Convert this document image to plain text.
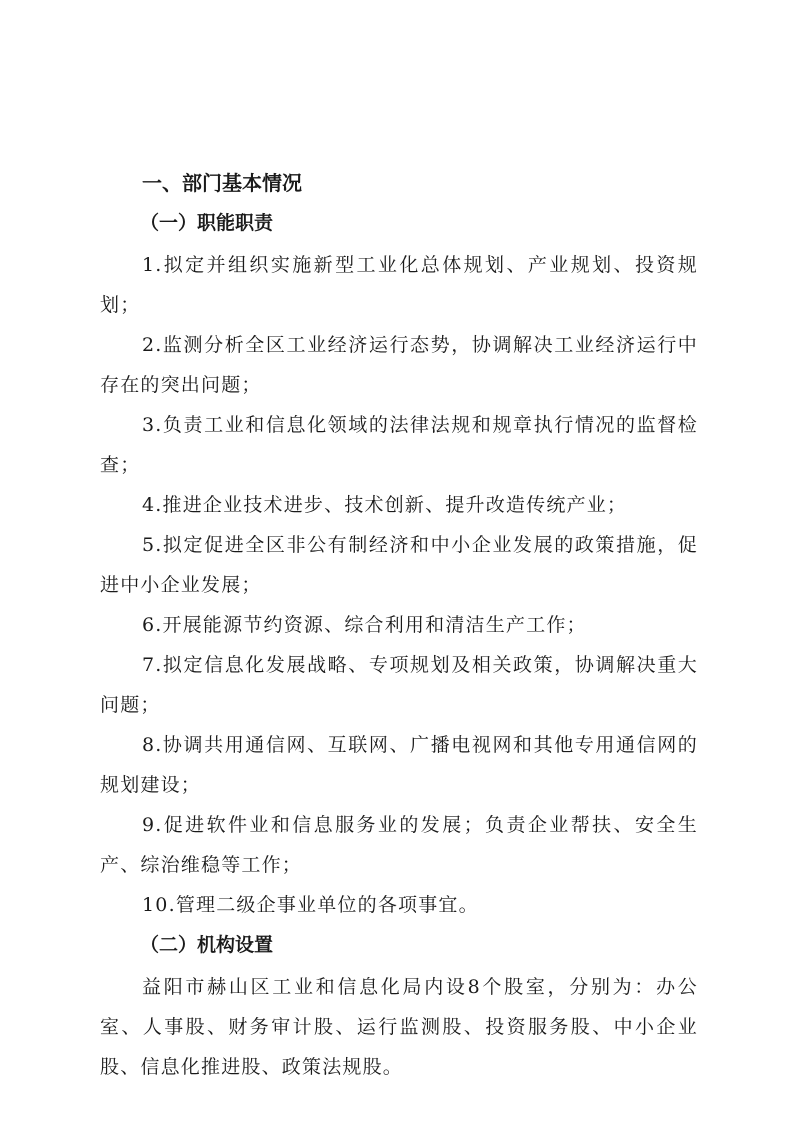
一、部门基本情况
（一）职能职责

1.拟定并组织实施新型工业化总体规划、产业规划、投资规划；

2.监测分析全区工业经济运行态势，协调解决工业经济运行中存在的突出问题；

3.负责工业和信息化领域的法律法规和规章执行情况的监督检查；

4.推进企业技术进步、技术创新、提升改造传统产业；

5.拟定促进全区非公有制经济和中小企业发展的政策措施，促进中小企业发展；

6.开展能源节约资源、综合利用和清洁生产工作；

7.拟定信息化发展战略、专项规划及相关政策，协调解决重大问题；

8.协调共用通信网、互联网、广播电视网和其他专用通信网的规划建设；

9.促进软件业和信息服务业的发展；负责企业帮扶、安全生产、综治维稳等工作；

10.管理二级企事业单位的各项事宜。

（二）机构设置

益阳市赫山区工业和信息化局内设8个股室，分别为：办公室、人事股、财务审计股、运行监测股、投资服务股、中小企业股、信息化推进股、政策法规股。
